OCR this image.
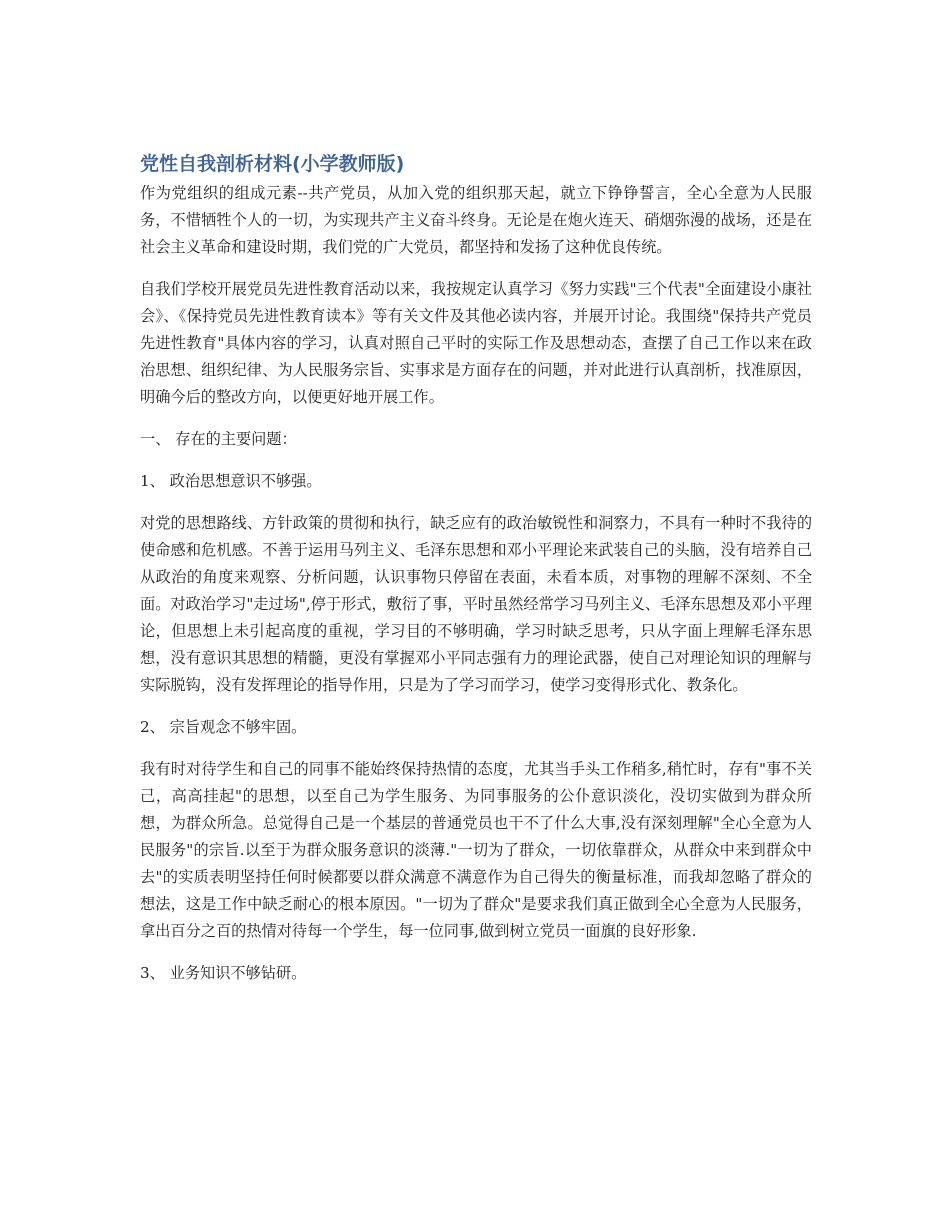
党性自我剖析材料(小学教师版)

作为党组织的组成元素--共产党员，从加入党的组织那天起，就立下铮铮誓言，全心全意为人民服务，不惜牺牲个人的一切，为实现共产主义奋斗终身。无论是在炮火连天、硝烟弥漫的战场，还是在社会主义革命和建设时期，我们党的广大党员，都坚持和发扬了这种优良传统。

自我们学校开展党员先进性教育活动以来，我按规定认真学习《努力实践"三个代表"全面建设小康社会》、《保持党员先进性教育读本》等有关文件及其他必读内容，并展开讨论。我围绕"保持共产党员先进性教育"具体内容的学习，认真对照自己平时的实际工作及思想动态，查摆了自己工作以来在政治思想、组织纪律、为人民服务宗旨、实事求是方面存在的问题，并对此进行认真剖析，找准原因，明确今后的整改方向，以便更好地开展工作。

一、 存在的主要问题：

1、 政治思想意识不够强。

对党的思想路线、方针政策的贯彻和执行，缺乏应有的政治敏锐性和洞察力，不具有一种时不我待的使命感和危机感。不善于运用马列主义、毛泽东思想和邓小平理论来武装自己的头脑，没有培养自己从政治的角度来观察、分析问题，认识事物只停留在表面，未看本质，对事物的理解不深刻、不全面。对政治学习"走过场",停于形式，敷衍了事，平时虽然经常学习马列主义、毛泽东思想及邓小平理论，但思想上未引起高度的重视，学习目的不够明确，学习时缺乏思考，只从字面上理解毛泽东思想，没有意识其思想的精髓，更没有掌握邓小平同志强有力的理论武器，使自己对理论知识的理解与实际脱钩，没有发挥理论的指导作用，只是为了学习而学习，使学习变得形式化、教条化。

2、 宗旨观念不够牢固。

我有时对待学生和自己的同事不能始终保持热情的态度，尤其当手头工作稍多,稍忙时，存有"事不关己，高高挂起"的思想，以至自己为学生服务、为同事服务的公仆意识淡化，没切实做到为群众所想，为群众所急。总觉得自己是一个基层的普通党员也干不了什么大事,没有深刻理解"全心全意为人民服务"的宗旨.以至于为群众服务意识的淡薄."一切为了群众，一切依靠群众，从群众中来到群众中去"的实质表明坚持任何时候都要以群众满意不满意作为自己得失的衡量标准，而我却忽略了群众的想法，这是工作中缺乏耐心的根本原因。"一切为了群众"是要求我们真正做到全心全意为人民服务，拿出百分之百的热情对待每一个学生，每一位同事,做到树立党员一面旗的良好形象.

3、 业务知识不够钻研。
